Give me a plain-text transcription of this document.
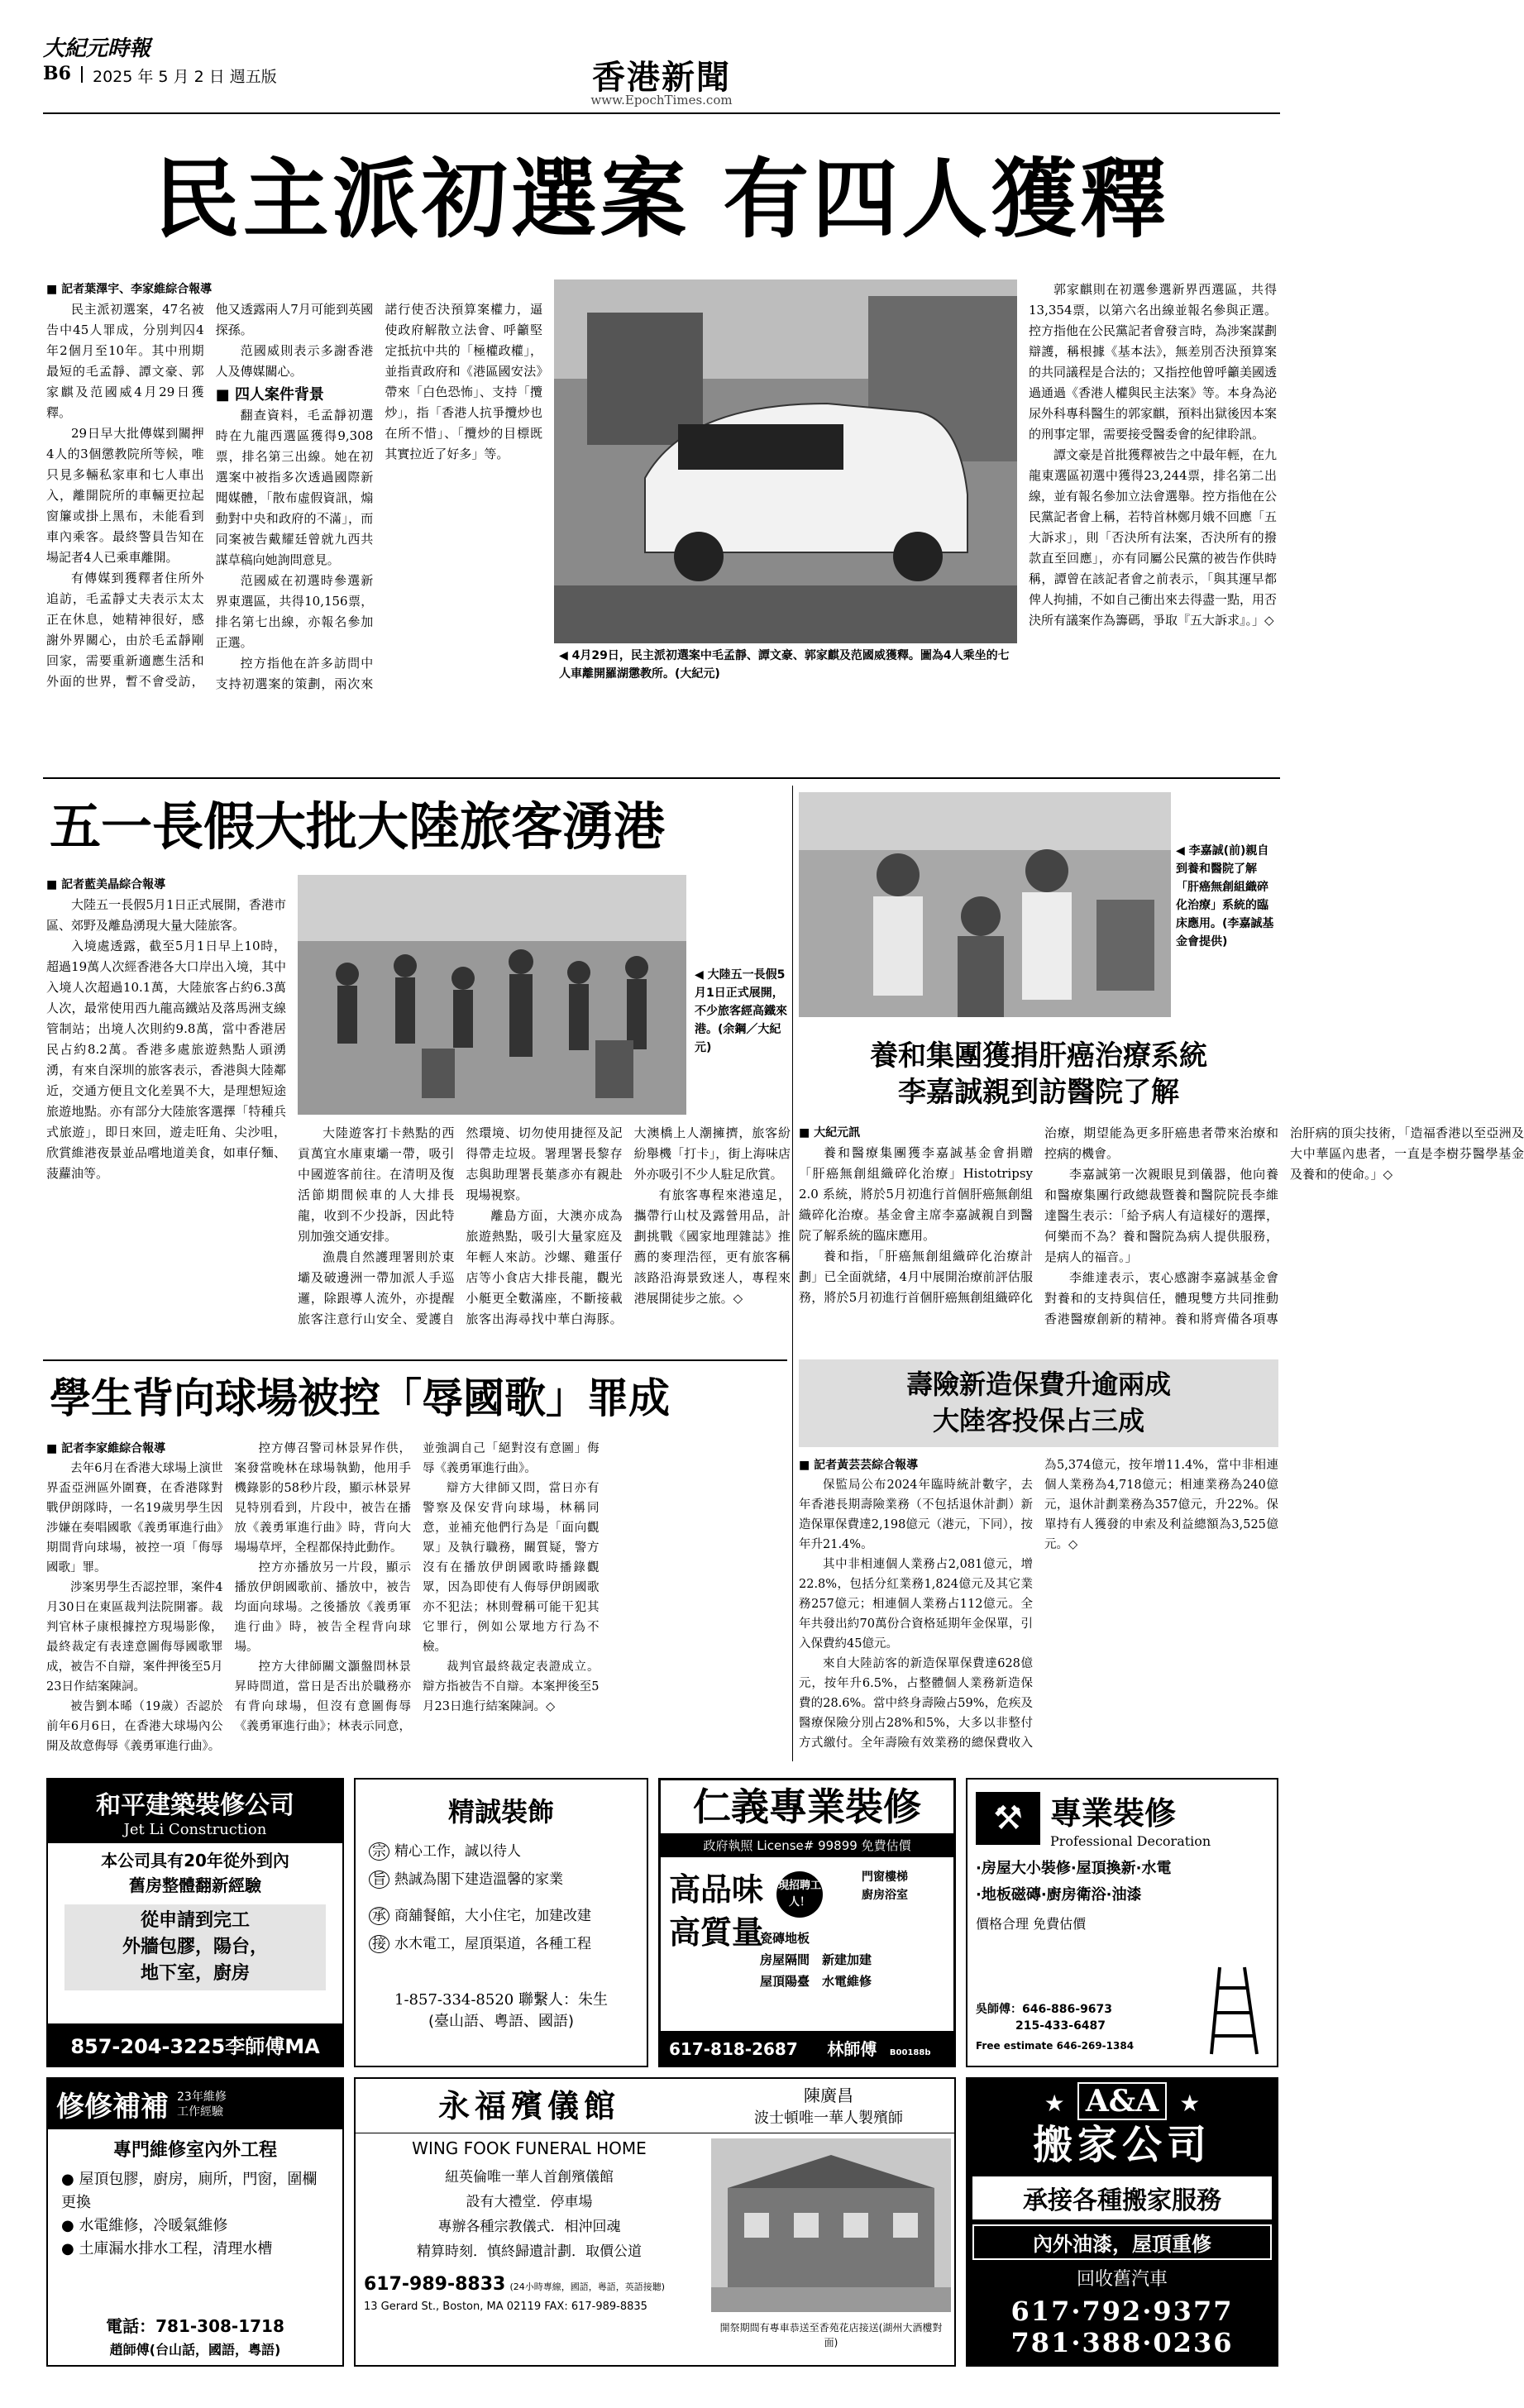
大紀元時報
B6 2025 年 5 月 2 日 週五版	香港新聞
www.EpochTimes.com
民主派初選案 有四人獲釋
■ 記者葉澤宇、李家維綜合報導

民主派初選案，47名被告中45人罪成，分別判囚4年2個月至10年。其中刑期最短的毛孟靜、譚文豪、郭家麒及范國威4月29日獲釋。

29日早大批傳媒到關押4人的3個懲教院所等候，唯只見多輛私家車和七人車出入，離開院所的車輛更拉起窗簾或掛上黑布，未能看到車內乘客。最終警員告知在場記者4人已乘車離開。

有傳媒到獲釋者住所外追訪，毛孟靜丈夫表示太太正在休息，她精神很好，感謝外界關心，由於毛孟靜剛回家，需要重新適應生活和外面的世界，暫不會受訪，他又透露兩人7月可能到英國探孫。

范國威則表示多謝香港人及傳媒關心。

■ 四人案件背景

翻查資料，毛孟靜初選時在九龍西選區獲得9,308票，排名第三出線。她在初選案中被指多次透過國際新聞媒體，「散布虛假資訊，煽動對中央和政府的不滿」，而同案被告戴耀廷曾就九西共謀草稿向她詢問意見。

范國威在初選時參選新界東選區，共得10,156票，排名第七出線，亦報名參加正選。

控方指他在許多訪問中支持初選案的策劃，兩次來諾行使否決預算案權力，逼使政府解散立法會、呼籲堅定抵抗中共的「極權政權」，並指責政府和《港區國安法》帶來「白色恐怖」、支持「攬炒」，指「香港人抗爭攬炒也在所不惜」、「攬炒的目標既其實拉近了好多」等。

◀ 4月29日，民主派初選案中毛孟靜、譚文豪、郭家麒及范國威獲釋。圖為4人乘坐的七人車離開羅湖懲教所。(大紀元)

郭家麒則在初選參選新界西選區，共得13,354票，以第六名出線並報名參與正選。控方指他在公民黨記者會發言時，為涉案謀劃辯護，稱根據《基本法》，無差別否決預算案的共同議程是合法的；又指控他曾呼籲美國透過通過《香港人權與民主法案》等。本身為泌尿外科專科醫生的郭家麒，預料出獄後因本案的刑事定罪，需要接受醫委會的紀律聆訊。

譚文豪是首批獲釋被告之中最年輕，在九龍東選區初選中獲得23,244票，排名第二出線，並有報名參加立法會選舉。控方指他在公民黨記者會上稱，若特首林鄭月娥不回應「五大訴求」，則「否決所有法案，否決所有的撥款直至回應」，亦有同屬公民黨的被告作供時稱，譚曾在該記者會之前表示，「與其運早都俾人拘捕，不如自己衝出來去得盡一點，用否決所有議案作為籌碼，爭取『五大訴求』。」◇

五一長假大批大陸旅客湧港
■ 記者藍美晶綜合報導

大陸五一長假5月1日正式展開，香港市區、郊野及離島湧現大量大陸旅客。

入境處透露，截至5月1日早上10時，超過19萬人次經香港各大口岸出入境，其中入境人次超過10.1萬，大陸旅客占約6.3萬人次，最常使用西九龍高鐵站及落馬洲支線管制站；出境人次則約9.8萬，當中香港居民占約8.2萬。香港多處旅遊熱點人頭湧湧，有來自深圳的旅客表示，香港與大陸鄰近，交通方便且文化差異不大，是理想短途旅遊地點。亦有部分大陸旅客選擇「特種兵式旅遊」，即日來回，遊走旺角、尖沙咀，欣賞維港夜景並品嚐地道美食，如車仔麵、菠蘿油等。

◀ 大陸五一長假5月1日正式展開，不少旅客經高鐵來港。(余鋼／大紀元)

大陸遊客打卡熱點的西貢萬宜水庫東壩一帶，吸引中國遊客前往。在清明及復活節期間候車的人大排長龍，收到不少投訴，因此特別加強交通安排。

漁農自然護理署則於東壩及破邊洲一帶加派人手巡邏，除跟導人流外，亦提醒旅客注意行山安全、愛護自然環境、切勿使用捷徑及記得帶走垃圾。署理署長黎存志與助理署長葉彥亦有親赴現場視察。

離島方面，大澳亦成為旅遊熱點，吸引大量家庭及年輕人來訪。沙螺、雞蛋仔店等小食店大排長龍，觀光小艇更全數滿座，不斷接載旅客出海尋找中華白海豚。大澳橋上人潮擁擠，旅客紛紛舉機「打卡」，街上海味店外亦吸引不少人駐足欣賞。

有旅客專程來港遠足，攜帶行山杖及露營用品，計劃挑戰《國家地理雜誌》推薦的麥理浩徑，更有旅客稱該路沿海景致迷人，專程來港展開徒步之旅。◇

◀ 李嘉誠(前)親自到養和醫院了解「肝癌無創組織碎化治療」系統的臨床應用。(李嘉誠基金會提供)
養和集團獲捐肝癌治療系統
李嘉誠親到訪醫院了解
■ 大紀元訊

養和醫療集團獲李嘉誠基金會捐贈「肝癌無創組織碎化治療」Histotripsy 2.0 系統，將於5月初進行首個肝癌無創組織碎化治療。基金會主席李嘉誠親自到醫院了解系統的臨床應用。

養和指，「肝癌無創組織碎化治療計劃」已全面就緒，4月中展開治療前評估服務，將於5月初進行首個肝癌無創組織碎化治療，期望能為更多肝癌患者帶來治療和控病的機會。

李嘉誠第一次親眼見到儀器，他向養和醫療集團行政總裁暨養和醫院院長李維達醫生表示：「給予病人有這樣好的選擇，何樂而不為？養和醫院為病人提供服務，是病人的福音。」

李維達表示，衷心感謝李嘉誠基金會對養和的支持與信任，體現雙方共同推動香港醫療創新的精神。養和將齊備各項專治肝病的頂尖技術，「造福香港以至亞洲及大中華區內患者，一直是李樹芬醫學基金及養和的使命。」◇

學生背向球場被控「辱國歌」罪成
■ 記者李家維綜合報導

去年6月在香港大球場上演世界盃亞洲區外圍賽，在香港隊對戰伊朗隊時，一名19歲男學生因涉嫌在奏唱國歌《義勇軍進行曲》期間背向球場，被控一項「侮辱國歌」罪。

涉案男學生否認控罪，案件4月30日在東區裁判法院開審。裁判官林子康根據控方現場影像，最終裁定有表達意圖侮辱國歌罪成，被告不自辯，案件押後至5月23日作結案陳詞。

被告劉本晞（19歲）否認於前年6月6日，在香港大球場內公開及故意侮辱《義勇軍進行曲》。

控方傳召警司林景昇作供，案發當晚林在球場執勤，他用手機錄影的58秒片段，顯示林景昇見特別看到，片段中，被告在播放《義勇軍進行曲》時，背向大場場草坪，全程都保持此動作。

控方亦播放另一片段，顯示播放伊朗國歌前、播放中，被告均面向球場。之後播放《義勇軍進行曲》時，被告全程背向球場。

控方大律師關文灝盤問林景昇時問道，當日是否出於職務亦有背向球場，但沒有意圖侮辱《義勇軍進行曲》；林表示同意，並強調自己「絕對沒有意圖」侮辱《義勇軍進行曲》。

辯方大律師又問，當日亦有警察及保安背向球場，林稱同意，並補充他們行為是「面向觀眾」及執行職務，關質疑，警方沒有在播放伊朗國歌時播錄觀眾，因為即使有人侮辱伊朗國歌亦不犯法；林則聲稱可能干犯其它罪行，例如公眾地方行為不檢。

裁判官最終裁定表證成立。辯方指被告不自辯。本案押後至5月23日進行結案陳詞。◇

壽險新造保費升逾兩成
大陸客投保占三成
■ 記者黃芸芸綜合報導

保監局公布2024年臨時統計數字，去年香港長期壽險業務（不包括退休計劃）新造保單保費達2,198億元（港元，下同），按年升21.4%。

其中非相連個人業務占2,081億元，增22.8%，包括分紅業務1,824億元及其它業務257億元；相連個人業務占112億元。全年共發出約70萬份合資格延期年金保單，引入保費約45億元。

來自大陸訪客的新造保單保費達628億元，按年升6.5%，占整體個人業務新造保費的28.6%。當中終身壽險占59%，危疾及醫療保險分別占28%和5%，大多以非整付方式繳付。全年壽險有效業務的總保費收入為5,374億元，按年增11.4%，當中非相連個人業務為4,718億元；相連業務為240億元，退休計劃業務為357億元，升22%。保單持有人獲發的申索及利益總額為3,525億元。◇

和平建築裝修公司
Jet Li Construction
本公司具有20年從外到內
舊房整體翻新經驗
從申請到完工
外牆包膠，陽台，
地下室，廚房
857-204-3225李師傅MA
精誠裝飾
宗 精心工作，誠以待人
旨 熱誠為閣下建造溫馨的家業
承 商舖餐館，大小住宅，加建改建
接 水木電工，屋頂渠道，各種工程
1-857-334-8520 聯繫人：朱生
(臺山語、粵語、國語)
仁義專業裝修
政府執照 License# 99899 免費估價
高品味
高質量
現招聘工人！
門窗樓梯
廚房浴室
瓷磚地板
房屋隔間　 新建加建
屋頂陽臺　 水電維修
617-818-2687 林師傅 B00188b
⚒ 專業裝修
Professional Decoration
·房屋大小裝修·屋頂換新·水電
·地板磁磚·廚房衛浴·油漆
價格合理 免費估價
吳師傅：646-886-9673
215-433-6487
Free estimate 646-269-1384
修修補補 23年維修
工作經驗
專門維修室內外工程
● 屋頂包膠，廚房，廁所，門窗，圍欄更換
● 水電維修，冷暖氣維修
● 土庫漏水排水工程，清理水槽
電話：781-308-1718
趙師傅(台山話，國語，粵語)
永福殯儀館	陳廣昌
波士頓唯一華人製殯師
WING FOOK FUNERAL HOME
紐英倫唯一華人首創殯儀館
設有大禮堂．停車場
專辦各種宗教儀式．相沖回魂
精算時刻．慎終歸遺計劃．取價公道
617-989-8833 (24小時專線，國語，粵語，英語接聽)
13 Gerard St., Boston, MA 02119 FAX: 617-989-8835
開祭期間有專車恭送至香苑花店接送(湖州大酒樓對面)
★ A&A ★
搬家公司
承接各種搬家服務
內外油漆，屋頂重修
回收舊汽車
617·792·9377
781·388·0236
